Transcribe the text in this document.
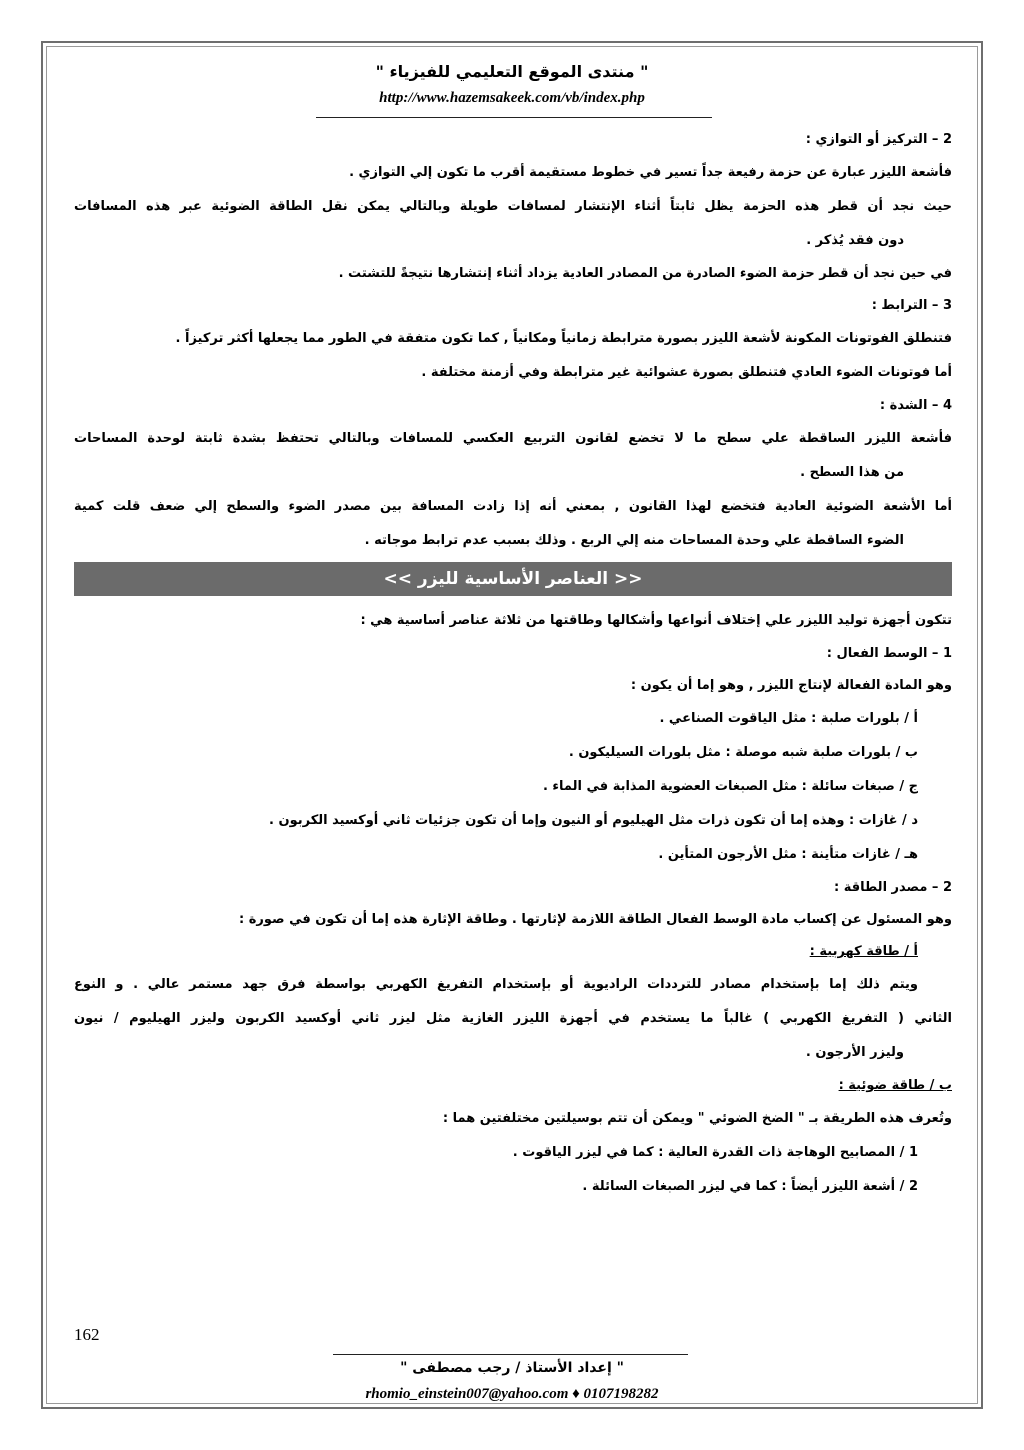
" منتدى الموقع التعليمي للفيزياء "
http://www.hazemsakeek.com/vb/index.php
2 – التركيز أو التوازي :
فأشعة الليزر عبارة عن حزمة رفيعة جداً تسير في خطوط مستقيمة أقرب ما تكون إلي التوازي .
حيث نجد أن قطر هذه الحزمة يظل ثابتاً أثناء الإنتشار لمسافات طويلة وبالتالي يمكن نقل الطاقة الضوئية عبر هذه المسافات
دون فقد يُذكر .
في حين نجد أن قطر حزمة الضوء الصادرة من المصادر العادية يزداد أثناء إنتشارها نتيجةً للتشتت .
3 – الترابط :
فتنطلق الفوتونات المكونة لأشعة الليزر بصورة مترابطة زمانياً ومكانياً , كما تكون متفقة في الطور مما يجعلها أكثر تركيزاً .
أما فوتونات الضوء العادي فتنطلق بصورة عشوائية غير مترابطة وفي أزمنة مختلفة .
4 – الشدة :
فأشعة الليزر الساقطة علي سطح ما لا تخضع لقانون التربيع العكسي للمسافات وبالتالي تحتفظ بشدة ثابتة لوحدة المساحات
من هذا السطح .
أما الأشعة الضوئية العادية فتخضع لهذا القانون , بمعني أنه إذا زادت المسافة بين مصدر الضوء والسطح إلي ضعف قلت كمية
الضوء الساقطة علي وحدة المساحات منه إلي الربع . وذلك بسبب عدم ترابط موجاته .
<< العناصر الأساسية لليزر >>
تتكون أجهزة توليد الليزر علي إختلاف أنواعها وأشكالها وطاقتها من ثلاثة عناصر أساسية هي :
1 – الوسط الفعال :
وهو المادة الفعالة لإنتاج الليزر , وهو إما أن يكون :
أ / بلورات صلبة : مثل الياقوت الصناعي .
ب / بلورات صلبة شبه موصلة : مثل بلورات السيليكون .
ج / صبغات سائلة : مثل الصبغات العضوية المذابة في الماء .
د / غازات : وهذه إما أن تكون ذرات مثل الهيليوم أو النيون وإما أن تكون جزئيات ثاني أوكسيد الكربون .
هـ / غازات متأينة : مثل الأرجون المتأين .
2 – مصدر الطاقة :
وهو المسئول عن إكساب مادة الوسط الفعال الطاقة اللازمة لإثارتها . وطاقة الإثارة هذه إما أن تكون في صورة :
أ / طاقة كهربية :
ويتم ذلك إما بإستخدام مصادر للترددات الراديوية أو بإستخدام التفريغ الكهربي بواسطة فرق جهد مستمر عالي . و النوع
الثاني ( التفريغ الكهربي ) غالباً ما يستخدم في أجهزة الليزر الغازية مثل ليزر ثاني أوكسيد الكربون وليزر الهيليوم / نيون
وليزر الأرجون .
ب / طاقة ضوئية :
وتُعرف هذه الطريقة بـ " الضخ الضوئي " ويمكن أن تتم بوسيلتين مختلفتين هما :
1 / المصابيح الوهاجة ذات القدرة العالية : كما في ليزر الياقوت .
2 / أشعة الليزر أيضاً : كما في ليزر الصبغات السائلة .
162
" إعداد الأستاذ / رجب مصطفى "
rhomio_einstein007@yahoo.com ♦ 0107198282
